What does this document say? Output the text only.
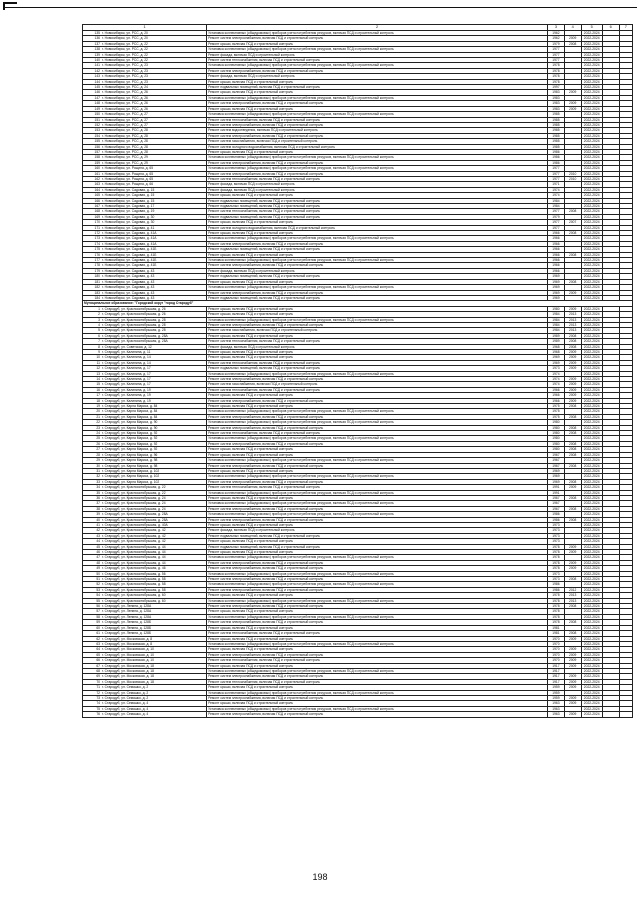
1	2	3	4	5	6	7
135 г. Новосибирск, ул. РСС, д. 20	Установка коллективных (общедомовых) приборов учета потребления ресурсов, включая ПСД и строительный контроль	1962		2022-2024		
136 г. Новосибирск, ул. РСС, д. 20	Ремонт систем электроснабжения, включая ПСД и строительный контроль	1962	2009	2022-2024		
137 г. Новосибирск, ул. РСС, д. 22	Ремонт крыши, включая ПСД и строительный контроль	1979	2008	2022-2024		
138 г. Новосибирск, ул. РСС, д. 22	Установка коллективных (общедомовых) приборов учета потребления ресурсов, включая ПСД и строительный контроль	1977		2022-2024		
139 г. Новосибирск, ул. РСС, д. 22	Ремонт фасада, включая ПСД и строительный контроль	1977		2022-2024		
140 г. Новосибирск, ул. РСС, д. 22	Ремонт систем теплоснабжения, включая ПСД и строительный контроль	1977		2022-2024		
141 г. Новосибирск, ул. РСС, д. 23	Установка коллективных (общедомовых) приборов учета потребления ресурсов, включая ПСД и строительный контроль	1978		2022-2024		
142 г. Новосибирск, ул. РСС, д. 23	Ремонт систем электроснабжения, включая ПСД и строительный контроль	1978		2022-2024		
143 г. Новосибирск, ул. РСС, д. 23	Ремонт фасада, включая ПСД и строительный контроль	1978		2022-2024		
144 г. Новосибирск, ул. РСС, д. 23	Ремонт крыши, включая ПСД и строительный контроль	1978		2022-2024		
145 г. Новосибирск, ул. РСС, д. 24	Ремонт подвальных помещений, включая ПСД и строительный контроль	1997		2022-2024		
146 г. Новосибирск, ул. РСС, д. 26	Ремонт крыши, включая ПСД и строительный контроль	1983	2009	2022-2024		
147 г. Новосибирск, ул. РСС, д. 26	Установка коллективных (общедомовых) приборов учета потребления ресурсов, включая ПСД и строительный контроль	1983		2022-2024		
148 г. Новосибирск, ул. РСС, д. 26	Ремонт систем электроснабжения, включая ПСД и строительный контроль	1983	2009	2022-2024		
149 г. Новосибирск, ул. РСС, д. 26	Ремонт крыши, включая ПСД и строительный контроль	1983	2009	2022-2024		
150 г. Новосибирск, ул. РСС, д. 27	Установка коллективных (общедомовых) приборов учета потребления ресурсов, включая ПСД и строительный контроль	1985		2022-2024		
151 г. Новосибирск, ул. РСС, д. 27	Ремонт систем теплоснабжения, включая ПСД и строительный контроль	1985		2022-2024		
152 г. Новосибирск, ул. РСС, д. 27	Ремонт систем электроснабжения, включая ПСД и строительный контроль	1985		2022-2024		
153 г. Новосибирск, ул. РСС, д. 28	Ремонт систем водоотведения, включая ПСД и строительный контроль	1985		2022-2024		
154 г. Новосибирск, ул. РСС, д. 28	Ремонт систем электроснабжения, включая ПСД и строительный контроль	1985		2022-2024		
155 г. Новосибирск, ул. РСС, д. 28	Ремонт систем газоснабжения, включая ПСД и строительный контроль	1985		2022-2024		
156 г. Новосибирск, ул. РСС, д. 28	Ремонт систем холодного водоснабжения, включая ПСД и строительный контроль	1985		2022-2024		
157 г. Новосибирск, ул. РСС, д. 28	Ремонт крыши, включая ПСД и строительный контроль	1986		2022-2024		
158 г. Новосибирск, ул. РСС, д. 29	Установка коллективных (общедомовых) приборов учета потребления ресурсов, включая ПСД и строительный контроль	1986		2022-2024		
159 г. Новосибирск, ул. РСС, д. 29	Ремонт систем электроснабжения, включая ПСД и строительный контроль	1986		2022-2024		
160 г. Новосибирск, ул. Рощина, д. 65	Установка коллективных (общедомовых) приборов учета потребления ресурсов, включая ПСД и строительный контроль	1977		2022-2024		
161 г. Новосибирск, ул. Рощина, д. 65	Ремонт систем электроснабжения, включая ПСД и строительный контроль	1977	2010	2022-2024		
162 г. Новосибирск, ул. Рощина, д. 65	Ремонт систем теплоснабжения, включая ПСД и строительный контроль	1977	2010	2022-2024		
163 г. Новосибирск, ул. Рощина, д. 66	Ремонт фасада, включая ПСД и строительный контроль	1971		2022-2024		
164 г. Новосибирск, ул. Садовая, д. 15	Ремонт фасада, включая ПСД и строительный контроль	1974		2022-2024		
165 г. Новосибирск, ул. Садовая, д. 15	Ремонт крыши, включая ПСД и строительный контроль	1974		2022-2024		
166 г. Новосибирск, ул. Садовая, д. 15	Ремонт подвальных помещений, включая ПСД и строительный контроль	1984		2022-2024		
167 г. Новосибирск, ул. Садовая, д. 17	Ремонт подвальных помещений, включая ПСД и строительный контроль	1984		2022-2024		
168 г. Новосибирск, ул. Садовая, д. 19	Ремонт систем теплоснабжения, включая ПСД и строительный контроль	1977	2008	2022-2024		
169 г. Новосибирск, ул. Садовая, д. 30	Ремонт подвальных помещений, включая ПСД и строительный контроль	1979		2022-2024		
170 г. Новосибирск, ул. Садовая, д. 30	Ремонт крыши, включая ПСД и строительный контроль	1977	2007	2022-2024		
171 г. Новосибирск, ул. Садовая, д. 41	Ремонт систем холодного водоснабжения, включая ПСД и строительный контроль	1977		2022-2024		
172 г. Новосибирск, ул. Садовая, д. 41А	Ремонт крыши, включая ПСД и строительный контроль	1966	2008	2022-2024		
173 г. Новосибирск, ул. Садовая, д. 41А	Установка коллективных (общедомовых) приборов учета потребления ресурсов, включая ПСД и строительный контроль	1966		2022-2024		
174 г. Новосибирск, ул. Садовая, д. 41А	Ремонт систем электроснабжения, включая ПСД и строительный контроль	1966		2022-2024		
175 г. Новосибирск, ул. Садовая, д. 41Б	Ремонт подвальных помещений, включая ПСД и строительный контроль	1966		2022-2024		
176 г. Новосибирск, ул. Садовая, д. 41Б	Ремонт крыши, включая ПСД и строительный контроль	1966	2008	2022-2024		
177 г. Новосибирск, ул. Садовая, д. 41Б	Установка коллективных (общедомовых) приборов учета потребления ресурсов, включая ПСД и строительный контроль	1966		2022-2024		
178 г. Новосибирск, ул. Садовая, д. 41Б	Ремонт систем электроснабжения, включая ПСД и строительный контроль	1966		2022-2024		
179 г. Новосибирск, ул. Садовая, д. 43	Ремонт фасада, включая ПСД и строительный контроль	1966		2022-2024		
180 г. Новосибирск, ул. Садовая, д. 43	Ремонт подвальных помещений, включая ПСД и строительный контроль	1969		2022-2024		
181 г. Новосибирск, ул. Садовая, д. 43	Ремонт крыши, включая ПСД и строительный контроль	1969	2008	2022-2024		
182 г. Новосибирск, ул. Садовая, д. 43	Установка коллективных (общедомовых) приборов учета потребления ресурсов, включая ПСД и строительный контроль	1969		2022-2024		
183 г. Новосибирск, ул. Садовая, д. 43	Ремонт систем электроснабжения, включая ПСД и строительный контроль	1969	2009	2022-2024		
184 г. Новосибирск, ул. Садовая, д. 43	Ремонт подвальных помещений, включая ПСД и строительный контроль	1969		2022-2024		
Муниципальное образование: "Городской округ "город Стародуб"						
1 г. Стародуб, ул. Краснооктябрьская, д. 26	Ремонт крыши, включая ПСД и строительный контроль	1980	2009	2022-2024		
2 г. Стародуб, ул. Краснооктябрьская, д. 26	Ремонт крыши, включая ПСД и строительный контроль	1984	2013	2022-2024		
3 г. Стародуб, ул. Краснооктябрьская, д. 28	Установка коллективных (общедомовых) приборов учета потребления ресурсов, включая ПСД и строительный контроль	1984	2013	2022-2024		
4 г. Стародуб, ул. Краснооктябрьская, д. 28	Ремонт систем электроснабжения, включая ПСД и строительный контроль	1984	2013	2022-2024		
5 г. Стародуб, ул. Краснооктябрьская, д. 28	Ремонт систем газоснабжения, включая ПСД и строительный контроль	1984	2013	2022-2024		
6 г. Стародуб, ул. Краснооктябрьская, д. 28А	Ремонт крыши, включая ПСД и строительный контроль	1989	2008	2022-2024		
7 г. Стародуб, ул. Краснооктябрьская, д. 28А	Ремонт систем теплоснабжения, включая ПСД и строительный контроль	1989	2008	2022-2024		
8 г. Стародуб, ул. Советская, д. 12	Ремонт фасада, включая ПСД и строительный контроль	1968	2008	2022-2024		
9 г. Стародуб, ул. Калинина, д. 11	Ремонт крыши, включая ПСД и строительный контроль	1968	2009	2022-2024		
10 г. Стародуб, ул. Калинина, д. 14	Ремонт крыши, включая ПСД и строительный контроль	1969	2009	2022-2024		
11 г. Стародуб, ул. Калинина, д. 14	Ремонт систем теплоснабжения, включая ПСД и строительный контроль	1969	2009	2022-2024		
12 г. Стародуб, ул. Калинина, д. 17	Ремонт подвальных помещений, включая ПСД и строительный контроль	1973	2009	2022-2024		
13 г. Стародуб, ул. Калинина, д. 17	Установка коллективных (общедомовых) приборов учета потребления ресурсов, включая ПСД и строительный контроль	1974		2022-2024		
14 г. Стародуб, ул. Калинина, д. 17	Ремонт систем электроснабжения, включая ПСД и строительный контроль	1974	2009	2022-2024		
15 г. Стародуб, ул. Калинина, д. 17	Ремонт систем газоснабжения, включая ПСД и строительный контроль	1974	2009	2022-2024		
16 г. Стародуб, ул. Калинина, д. 19	Ремонт систем теплоснабжения, включая ПСД и строительный контроль	1966	2009	2022-2024		
17 г. Стародуб, ул. Калинина, д. 19	Ремонт крыши, включая ПСД и строительный контроль	1966	2009	2022-2024		
18 г. Стародуб, ул. Калинина, д. 19	Ремонт систем электроснабжения, включая ПСД и строительный контроль	1966	2009	2022-2024		
19 г. Стародуб, ул. Карла Маркса, д. 84	Ремонт крыши, включая ПСД и строительный контроль	1975	2008	2022-2024		
20 г. Стародуб, ул. Карла Маркса, д. 84	Установка коллективных (общедомовых) приборов учета потребления ресурсов, включая ПСД и строительный контроль	1975		2022-2024		
21 г. Стародуб, ул. Карла Маркса, д. 84	Ремонт систем электроснабжения, включая ПСД и строительный контроль	1975	2008	2022-2024		
22 г. Стародуб, ул. Карла Маркса, д. 90	Установка коллективных (общедомовых) приборов учета потребления ресурсов, включая ПСД и строительный контроль	1980		2022-2024		
23 г. Стародуб, ул. Карла Маркса, д. 90	Ремонт систем электроснабжения, включая ПСД и строительный контроль	1980	2008	2022-2024		
24 г. Стародуб, ул. Карла Маркса, д. 92	Ремонт систем теплоснабжения, включая ПСД и строительный контроль	1980	2008	2022-2024		
25 г. Стародуб, ул. Карла Маркса, д. 92	Установка коллективных (общедомовых) приборов учета потребления ресурсов, включая ПСД и строительный контроль	1980		2022-2024		
26 г. Стародуб, ул. Карла Маркса, д. 92	Ремонт систем электроснабжения, включая ПСД и строительный контроль	1980	2008	2022-2024		
27 г. Стародуб, ул. Карла Маркса, д. 92	Ремонт крыши, включая ПСД и строительный контроль	1980	2008	2022-2024		
28 г. Стародуб, ул. Карла Маркса, д. 96	Ремонт крыши, включая ПСД и строительный контроль	1967	2008	2022-2024		
29 г. Стародуб, ул. Карла Маркса, д. 98	Установка коллективных (общедомовых) приборов учета потребления ресурсов, включая ПСД и строительный контроль	1967		2022-2024		
30 г. Стародуб, ул. Карла Маркса, д. 98	Ремонт систем электроснабжения, включая ПСД и строительный контроль	1967	2008	2022-2024		
31 г. Стародуб, ул. Карла Маркса, д. 102	Ремонт крыши, включая ПСД и строительный контроль	1969		2022-2024		
32 г. Стародуб, ул. Карла Маркса, д. 102	Установка коллективных (общедомовых) приборов учета потребления ресурсов, включая ПСД и строительный контроль	1969		2022-2024		
33 г. Стародуб, ул. Карла Маркса, д. 102	Ремонт систем электроснабжения, включая ПСД и строительный контроль	1969	2008	2022-2024		
34 г. Стародуб, ул. Краснооктябрьская, д. 22	Ремонт систем теплоснабжения, включая ПСД и строительный контроль	1991	2009	2022-2024		
35 г. Стародуб, ул. Краснооктябрьская, д. 22	Установка коллективных (общедомовых) приборов учета потребления ресурсов, включая ПСД и строительный контроль	1991		2022-2024		
36 г. Стародуб, ул. Краснооктябрьская, д. 24	Ремонт крыши, включая ПСД и строительный контроль	1967	2008	2022-2024		
37 г. Стародуб, ул. Краснооктябрьская, д. 24	Установка коллективных (общедомовых) приборов учета потребления ресурсов, включая ПСД и строительный контроль	1967		2022-2024		
38 г. Стародуб, ул. Краснооктябрьская, д. 24	Ремонт систем электроснабжения, включая ПСД и строительный контроль	1967	2008	2022-2024		
39 г. Стародуб, ул. Краснооктябрьская, д. 28А	Установка коллективных (общедомовых) приборов учета потребления ресурсов, включая ПСД и строительный контроль	1986		2022-2024		
40 г. Стародуб, ул. Краснооктябрьская, д. 28А	Ремонт систем электроснабжения, включая ПСД и строительный контроль	1986	2008	2022-2024		
41 г. Стародуб, ул. Краснооктябрьская, д. 40А	Ремонт крыши, включая ПСД и строительный контроль	1973		2022-2024		
42 г. Стародуб, ул. Краснооктябрьская, д. 42	Ремонт фасада, включая ПСД и строительный контроль	1973		2022-2024		
43 г. Стародуб, ул. Краснооктябрьская, д. 42	Ремонт подвальных помещений, включая ПСД и строительный контроль	1973		2022-2024		
44 г. Стародуб, ул. Краснооктябрьская, д. 42	Ремонт крыши, включая ПСД и строительный контроль	1973		2022-2024		
45 г. Стародуб, ул. Краснооктябрьская, д. 44	Ремонт подвальных помещений, включая ПСД и строительный контроль	1978	2009	2022-2024		
46 г. Стародуб, ул. Краснооктябрьская, д. 44	Ремонт крыши, включая ПСД и строительный контроль	1978	2009	2022-2024		
47 г. Стародуб, ул. Краснооктябрьская, д. 44	Установка коллективных (общедомовых) приборов учета потребления ресурсов, включая ПСД и строительный контроль	1978		2022-2024		
48 г. Стародуб, ул. Краснооктябрьская, д. 44	Ремонт систем электроснабжения, включая ПСД и строительный контроль	1978	2009	2022-2024		
49 г. Стародуб, ул. Краснооктябрьская, д. 46	Ремонт систем электроснабжения, включая ПСД и строительный контроль	1978	2009	2022-2024		
50 г. Стародуб, ул. Краснооктябрьская, д. 56	Установка коллективных (общедомовых) приборов учета потребления ресурсов, включая ПСД и строительный контроль	1973		2022-2024		
51 г. Стародуб, ул. Краснооктябрьская, д. 58	Ремонт систем электроснабжения, включая ПСД и строительный контроль	1973	2008	2022-2024		
52 г. Стародуб, ул. Краснооктябрьская, д. 58	Установка коллективных (общедомовых) приборов учета потребления ресурсов, включая ПСД и строительный контроль	1986		2022-2024		
53 г. Стародуб, ул. Краснооктябрьская, д. 58	Ремонт систем электроснабжения, включая ПСД и строительный контроль	1986	2012	2022-2024		
54 г. Стародуб, ул. Краснооктябрьская, д. 60	Ремонт крыши, включая ПСД и строительный контроль	1978	2013	2022-2024		
55 г. Стародуб, ул. Краснооктябрьская, д. 60	Установка коллективных (общедомовых) приборов учета потребления ресурсов, включая ПСД и строительный контроль	1978	2013	2022-2024		
56 г. Стародуб, ул. Ленина, д. 128А	Ремонт систем электроснабжения, включая ПСД и строительный контроль	1978	2008	2022-2024		
57 г. Стародуб, ул. Ленина, д. 128А	Ремонт крыши, включая ПСД и строительный контроль	1978		2022-2024		
58 г. Стародуб, ул. Ленина, д. 128А	Установка коллективных (общедомовых) приборов учета потребления ресурсов, включая ПСД и строительный контроль	1978		2022-2024		
59 г. Стародуб, ул. Ленина, д. 128Б	Ремонт систем электроснабжения, включая ПСД и строительный контроль	1978	2008	2022-2024		
60 г. Стародуб, ул. Ленина, д. 128Б	Ремонт крыши, включая ПСД и строительный контроль	1981		2022-2024		
61 г. Стародуб, ул. Ленина, д. 128Б	Ремонт систем теплоснабжения, включая ПСД и строительный контроль	1981	2008	2022-2024		
62 г. Стародуб, ул. Московская, д. 8	Ремонт крыши, включая ПСД и строительный контроль	1970	2009	2022-2024		
63 г. Стародуб, ул. Московская, д. 8	Установка коллективных (общедомовых) приборов учета потребления ресурсов, включая ПСД и строительный контроль	1970		2022-2024		
64 г. Стародуб, ул. Московская, д. 10	Ремонт крыши, включая ПСД и строительный контроль	1970	2009	2022-2024		
65 г. Стародуб, ул. Московская, д. 10	Ремонт систем электроснабжения, включая ПСД и строительный контроль	1970	2009	2022-2024		
66 г. Стародуб, ул. Московская, д. 10	Ремонт систем теплоснабжения, включая ПСД и строительный контроль	1970	2009	2022-2024		
67 г. Стародуб, ул. Московская, д. 18	Ремонт крыши, включая ПСД и строительный контроль	1917	2009	2022-2024		
68 г. Стародуб, ул. Московская, д. 18	Установка коллективных (общедомовых) приборов учета потребления ресурсов, включая ПСД и строительный контроль	1917		2022-2024		
69 г. Стародуб, ул. Московская, д. 18	Ремонт систем электроснабжения, включая ПСД и строительный контроль	1917	2009	2022-2024		
70 г. Стародуб, ул. Московская, д. 18	Ремонт систем теплоснабжения, включая ПСД и строительный контроль	1917	2009	2022-2024		
71 г. Стародуб, ул. Семашко, д. 2	Ремонт крыши, включая ПСД и строительный контроль	1959	2009	2022-2024		
72 г. Стародуб, ул. Семашко, д. 2	Установка коллективных (общедомовых) приборов учета потребления ресурсов, включая ПСД и строительный контроль	1959		2022-2024		
73 г. Стародуб, ул. Семашко, д. 2	Ремонт систем электроснабжения, включая ПСД и строительный контроль	1959	2009	2022-2024		
74 г. Стародуб, ул. Семашко, д. 4	Ремонт крыши, включая ПСД и строительный контроль	1963	2009	2022-2024		
75 г. Стародуб, ул. Семашко, д. 4	Установка коллективных (общедомовых) приборов учета потребления ресурсов, включая ПСД и строительный контроль	1963		2022-2024		
76 г. Стародуб, ул. Семашко, д. 4	Ремонт систем электроснабжения, включая ПСД и строительный контроль	1963	2009	2022-2024		
198
